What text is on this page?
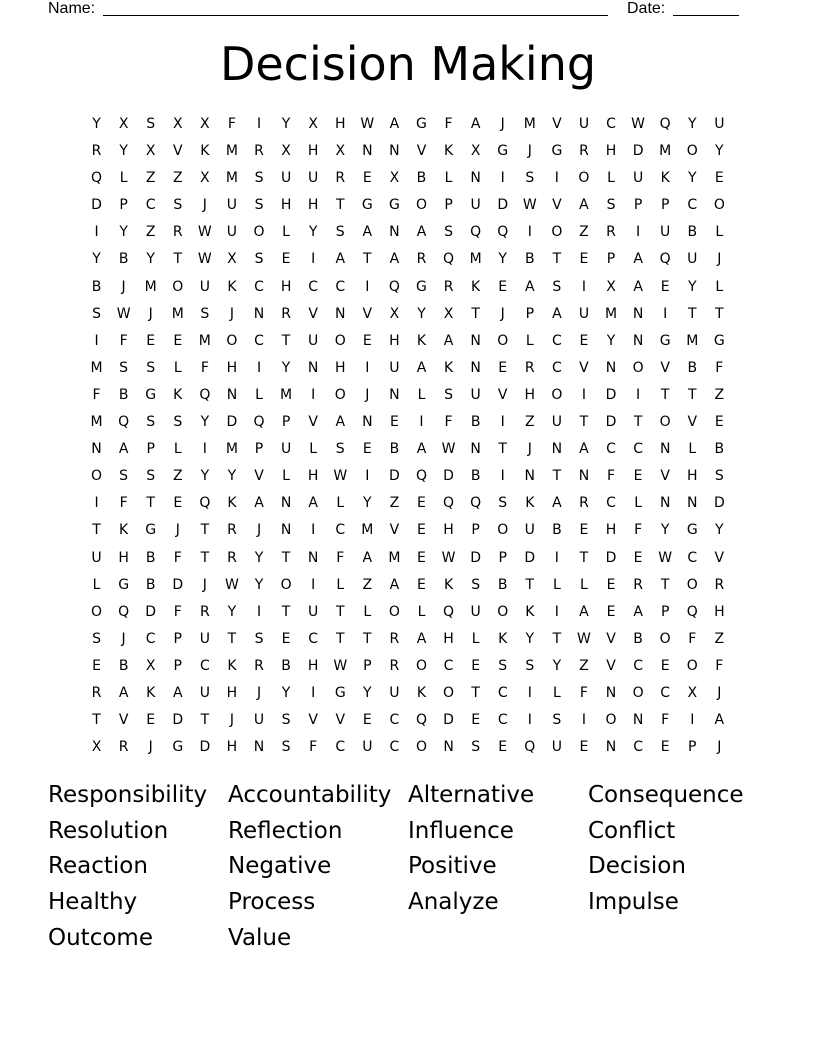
Name:	Date:
Decision Making
Y	X	S	X	X	F	I	Y	X	H	W	A	G	F	A	J	M	V	U	C	W	Q	Y	U
R	Y	X	V	K	M	R	X	H	X	N	N	V	K	X	G	J	G	R	H	D	M	O	Y
Q	L	Z	Z	X	M	S	U	U	R	E	X	B	L	N	I	S	I	O	L	U	K	Y	E
D	P	C	S	J	U	S	H	H	T	G	G	O	P	U	D	W	V	A	S	P	P	C	O
I	Y	Z	R	W	U	O	L	Y	S	A	N	A	S	Q	Q	I	O	Z	R	I	U	B	L
Y	B	Y	T	W	X	S	E	I	A	T	A	R	Q	M	Y	B	T	E	P	A	Q	U	J
B	J	M	O	U	K	C	H	C	C	I	Q	G	R	K	E	A	S	I	X	A	E	Y	L
S	W	J	M	S	J	N	R	V	N	V	X	Y	X	T	J	P	A	U	M	N	I	T	T
I	F	E	E	M	O	C	T	U	O	E	H	K	A	N	O	L	C	E	Y	N	G	M	G
M	S	S	L	F	H	I	Y	N	H	I	U	A	K	N	E	R	C	V	N	O	V	B	F
F	B	G	K	Q	N	L	M	I	O	J	N	L	S	U	V	H	O	I	D	I	T	T	Z
M	Q	S	S	Y	D	Q	P	V	A	N	E	I	F	B	I	Z	U	T	D	T	O	V	E
N	A	P	L	I	M	P	U	L	S	E	B	A	W	N	T	J	N	A	C	C	N	L	B
O	S	S	Z	Y	Y	V	L	H	W	I	D	Q	D	B	I	N	T	N	F	E	V	H	S
I	F	T	E	Q	K	A	N	A	L	Y	Z	E	Q	Q	S	K	A	R	C	L	N	N	D
T	K	G	J	T	R	J	N	I	C	M	V	E	H	P	O	U	B	E	H	F	Y	G	Y
U	H	B	F	T	R	Y	T	N	F	A	M	E	W	D	P	D	I	T	D	E	W	C	V
L	G	B	D	J	W	Y	O	I	L	Z	A	E	K	S	B	T	L	L	E	R	T	O	R
O	Q	D	F	R	Y	I	T	U	T	L	O	L	Q	U	O	K	I	A	E	A	P	Q	H
S	J	C	P	U	T	S	E	C	T	T	R	A	H	L	K	Y	T	W	V	B	O	F	Z
E	B	X	P	C	K	R	B	H	W	P	R	O	C	E	S	S	Y	Z	V	C	E	O	F
R	A	K	A	U	H	J	Y	I	G	Y	U	K	O	T	C	I	L	F	N	O	C	X	J
T	V	E	D	T	J	U	S	V	V	E	C	Q	D	E	C	I	S	I	O	N	F	I	A
X	R	J	G	D	H	N	S	F	C	U	C	O	N	S	E	Q	U	E	N	C	E	P	J
Responsibility Accountability Alternative	Consequence
Resolution	Reflection	Influence	Conflict
Reaction	Negative	Positive	Decision
Healthy	Process	Analyze	Impulse
Outcome	Value
